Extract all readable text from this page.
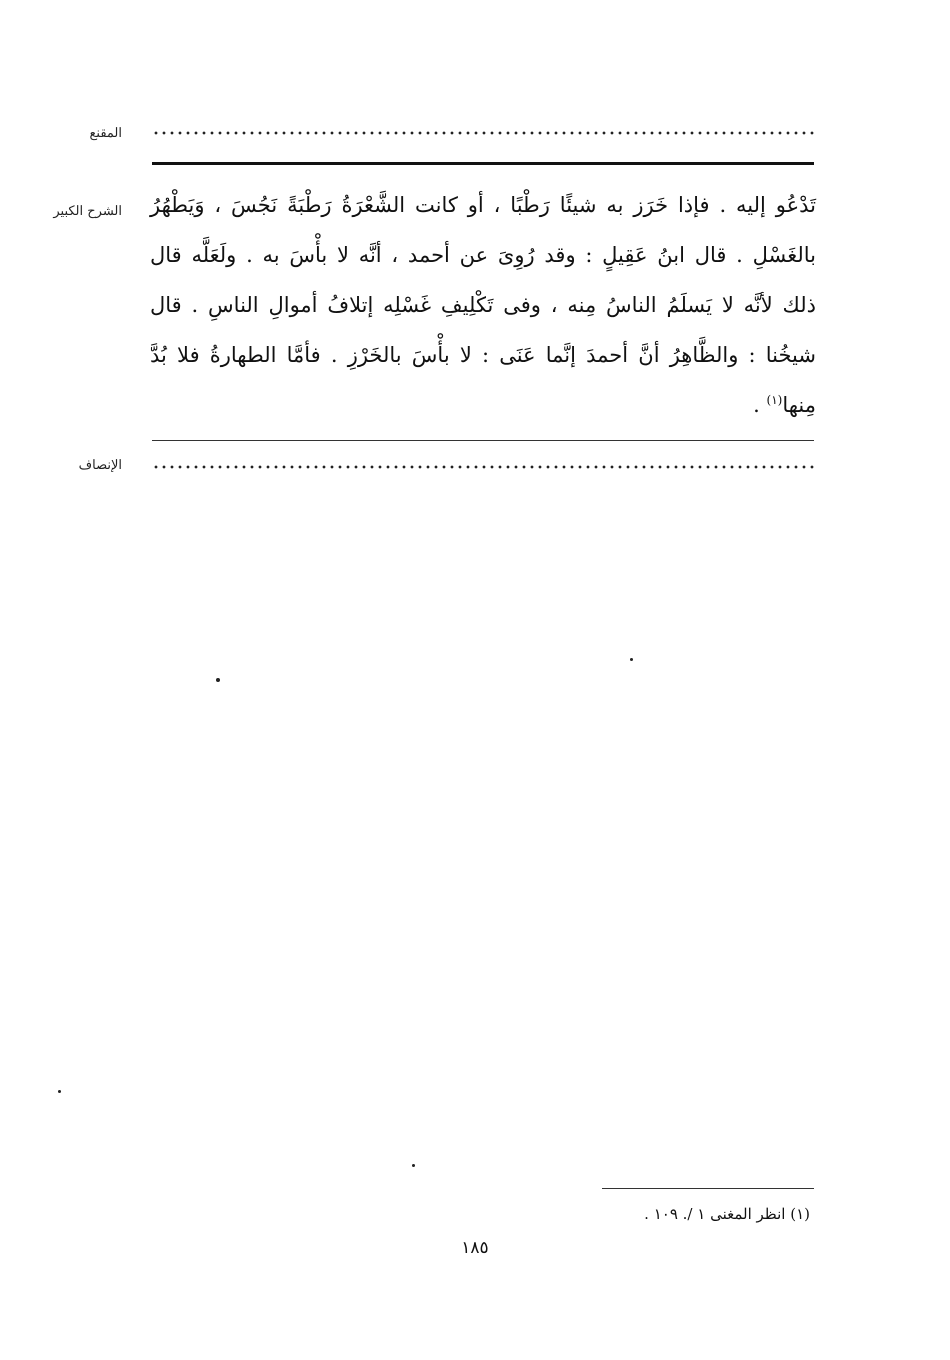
المقنع
الشرح الكبير تَدْعُو إليه . فإذا خَرَز به شيئًا رَطْبًا ، أو كانت الشَّعْرَةُ رَطْبَةً نَجُسَ ، وَيَطْهُرُ
بالغَسْلِ . قال ابنُ عَقِيلٍ : وقد رُوِىَ عن أحمد ، أنَّه لا بأْسَ به . ولَعَلَّه قال
ذلك لأنَّه لا يَسلَمُ الناسُ مِنه ، وفى تَكْلِيفِ غَسْلِه إتلافُ أموالِ الناسِ . قال
شيخُنا : والظَّاهِرُ أنَّ أحمدَ إنَّما عَنَى : لا بأْسَ بالخَرْزِ . فأمَّا الطهارةُ فلا بُدَّ
مِنها$^{(١)}$ .
الإنصاف
(١) انظر المغنى ١ /. ١٠٩ .
١٨٥
